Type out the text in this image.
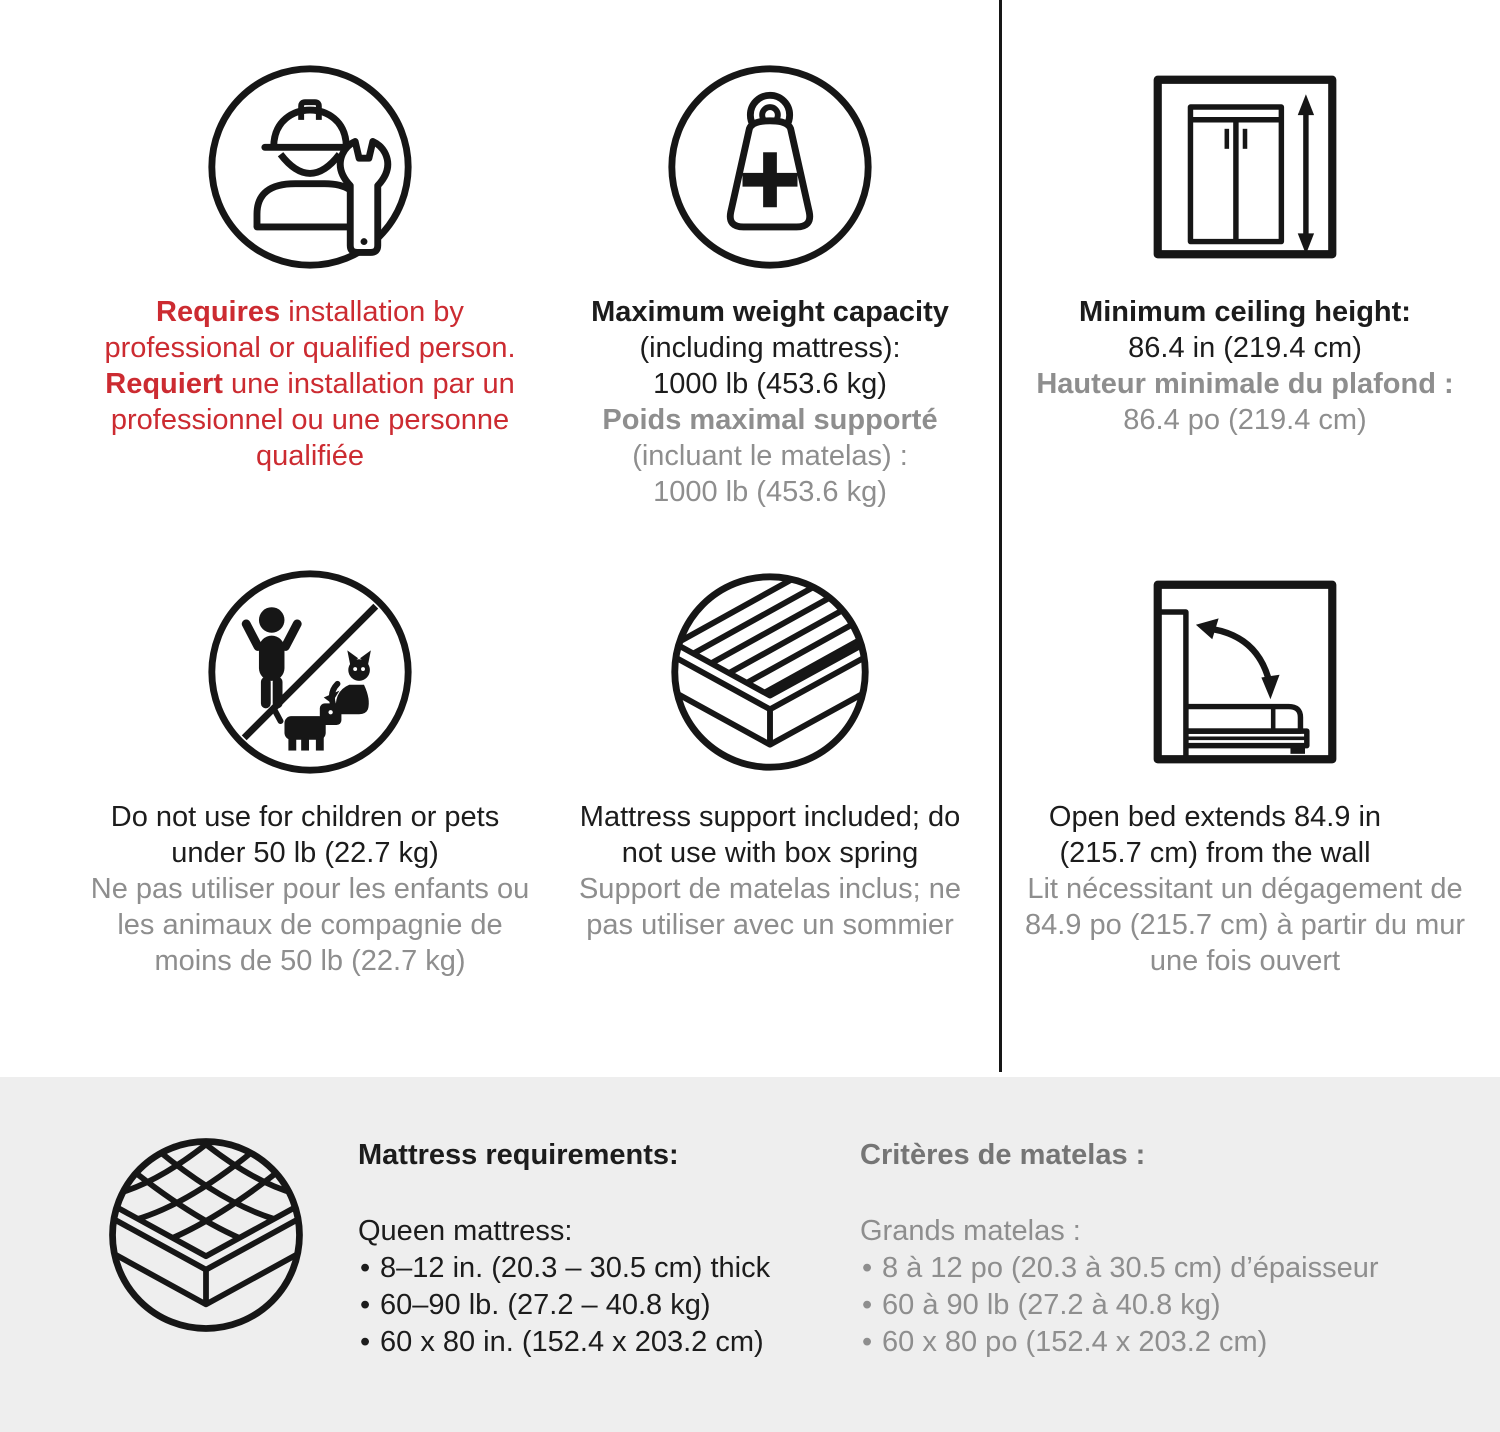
Requires installation by professional or qualified person.

Requiert une installation par un professionnel ou une personne qualifiée

Maximum weight capacity

(including mattress):

1000 lb (453.6 kg)

Poids maximal supporté

(incluant le matelas) :

1000 lb (453.6 kg)

Minimum ceiling height:

86.4 in (219.4 cm)

Hauteur minimale du plafond :

86.4 po (219.4 cm)

Do not use for children or pets under 50 lb (22.7 kg)

Ne pas utiliser pour les enfants ou les animaux de compagnie de moins de 50 lb (22.7 kg)

Mattress support included; do not use with box spring

Support de matelas inclus; ne pas utiliser avec un sommier

Open bed extends 84.9 in (215.7 cm) from the wall

Lit nécessitant un dégagement de 84.9 po (215.7 cm) à partir du mur une fois ouvert

Mattress requirements:

Queen mattress:

• 8–12 in. (20.3 – 30.5 cm) thick

• 60–90 lb. (27.2 – 40.8 kg)

• 60 x 80 in. (152.4 x 203.2 cm)

Critères de matelas :

Grands matelas :

• 8 à 12 po (20.3 à 30.5 cm) d’épaisseur

• 60 à 90 lb (27.2 à 40.8 kg)

• 60 x 80 po (152.4 x 203.2 cm)
